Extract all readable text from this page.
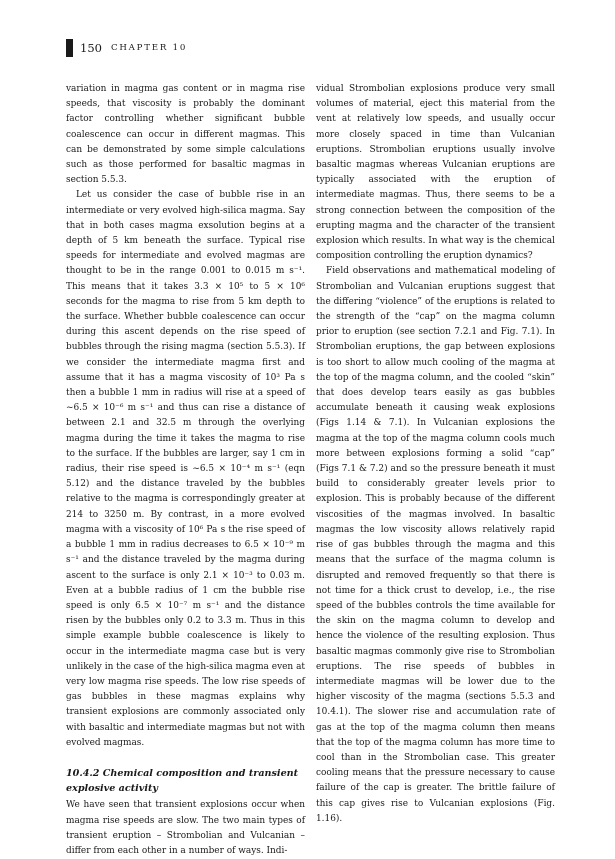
150 CHAPTER 10

variation in magma gas content or in magma rise speeds, that viscosity is probably the dominant factor controlling whether significant bubble coalescence can occur in different magmas. This can be demonstrated by some simple calculations such as those performed for basaltic magmas in section 5.5.3.

Let us consider the case of bubble rise in an intermediate or very evolved high-silica magma. Say that in both cases magma exsolution begins at a depth of 5 km beneath the surface. Typical rise speeds for intermediate and evolved magmas are thought to be in the range 0.001 to 0.015 m s⁻¹. This means that it takes 3.3 × 10⁵ to 5 × 10⁶ seconds for the magma to rise from 5 km depth to the surface. Whether bubble coalescence can occur during this ascent depends on the rise speed of bubbles through the rising magma (section 5.5.3). If we consider the intermediate magma first and assume that it has a magma viscosity of 10³ Pa s then a bubble 1 mm in radius will rise at a speed of ~6.5 × 10⁻⁶ m s⁻¹ and thus can rise a distance of between 2.1 and 32.5 m through the overlying magma during the time it takes the magma to rise to the surface. If the bubbles are larger, say 1 cm in radius, their rise speed is ~6.5 × 10⁻⁴ m s⁻¹ (eqn 5.12) and the distance traveled by the bubbles relative to the magma is correspondingly greater at 214 to 3250 m. By contrast, in a more evolved magma with a viscosity of 10⁶ Pa s the rise speed of a bubble 1 mm in radius decreases to 6.5 × 10⁻⁹ m s⁻¹ and the distance traveled by the magma during ascent to the surface is only 2.1 × 10⁻³ to 0.03 m. Even at a bubble radius of 1 cm the bubble rise speed is only 6.5 × 10⁻⁷ m s⁻¹ and the distance risen by the bubbles only 0.2 to 3.3 m. Thus in this simple example bubble coalescence is likely to occur in the intermediate magma case but is very unlikely in the case of the high-silica magma even at very low magma rise speeds. The low rise speeds of gas bubbles in these magmas explains why transient explosions are commonly associated only with basaltic and intermediate magmas but not with evolved magmas.

10.4.2 Chemical composition and transient explosive activity

We have seen that transient explosions occur when magma rise speeds are slow. The two main types of transient eruption – Strombolian and Vulcanian – differ from each other in a number of ways. Indi-

vidual Strombolian explosions produce very small volumes of material, eject this material from the vent at relatively low speeds, and usually occur more closely spaced in time than Vulcanian eruptions. Strombolian eruptions usually involve basaltic magmas whereas Vulcanian eruptions are typically associated with the eruption of intermediate magmas. Thus, there seems to be a strong connection between the composition of the erupting magma and the character of the transient explosion which results. In what way is the chemical composition controlling the eruption dynamics?

Field observations and mathematical modeling of Strombolian and Vulcanian eruptions suggest that the differing “violence” of the eruptions is related to the strength of the “cap” on the magma column prior to eruption (see section 7.2.1 and Fig. 7.1). In Strombolian eruptions, the gap between explosions is too short to allow much cooling of the magma at the top of the magma column, and the cooled “skin” that does develop tears easily as gas bubbles accumulate beneath it causing weak explosions (Figs 1.14 & 7.1). In Vulcanian explosions the magma at the top of the magma column cools much more between explosions forming a solid “cap” (Figs 7.1 & 7.2) and so the pressure beneath it must build to considerably greater levels prior to explosion. This is probably because of the different viscosities of the magmas involved. In basaltic magmas the low viscosity allows relatively rapid rise of gas bubbles through the magma and this means that the surface of the magma column is disrupted and removed frequently so that there is not time for a thick crust to develop, i.e., the rise speed of the bubbles controls the time available for the skin on the magma column to develop and hence the violence of the resulting explosion. Thus basaltic magmas commonly give rise to Strombolian eruptions. The rise speeds of bubbles in intermediate magmas will be lower due to the higher viscosity of the magma (sections 5.5.3 and 10.4.1). The slower rise and accumulation rate of gas at the top of the magma column then means that the top of the magma column has more time to cool than in the Strombolian case. This greater cooling means that the pressure necessary to cause failure of the cap is greater. The brittle failure of this cap gives rise to Vulcanian explosions (Fig. 1.16).
